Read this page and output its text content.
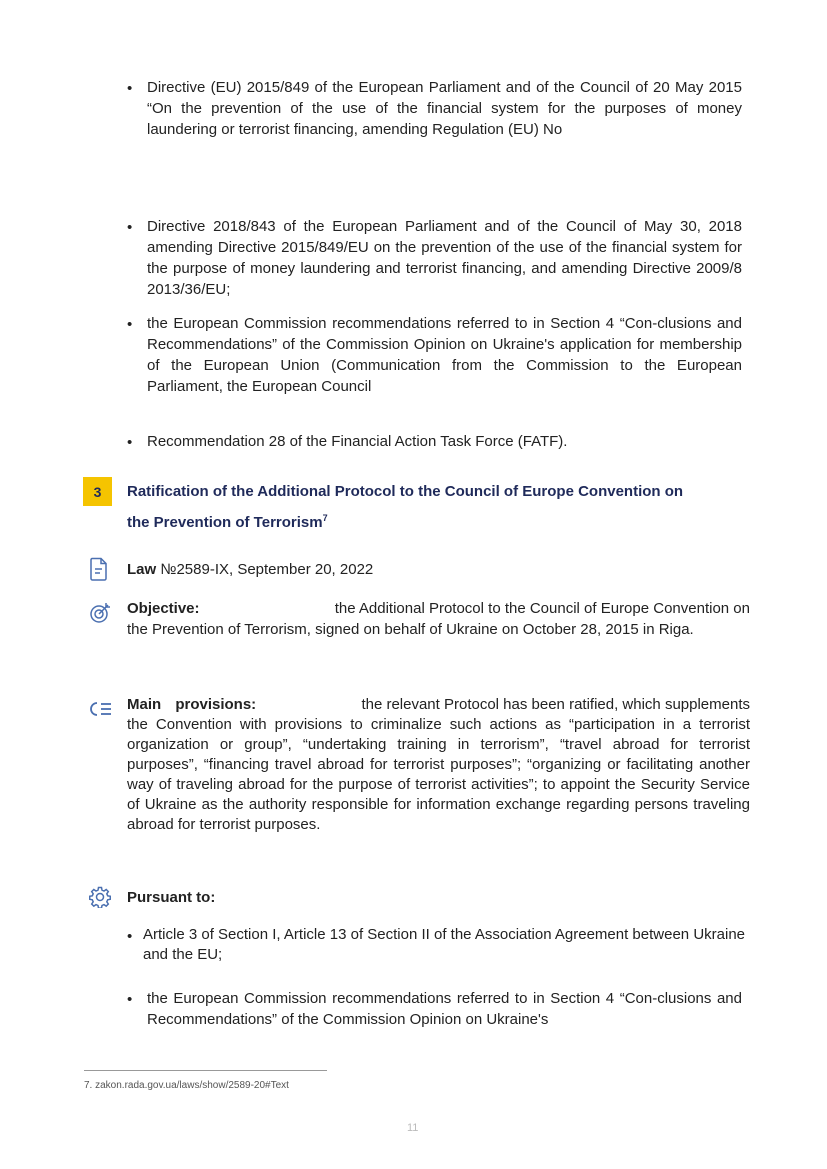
• Directive (EU) 2015/849 of the European Parliament and of the Council of 20 May 2015 “On the prevention of the use of the financial system for the purposes of money laundering or terrorist financing, amending Regulation (EU) No
• Directive 2018/843 of the European Parliament and of the Council of May 30, 2018 amending Directive 2015/849/EU on the prevention of the use of the financial system for the purpose of money laundering and terrorist financing, and amending Directive 2009/8 2013/36/EU;
• the European Commission recommendations referred to in Section 4 “Con-clusions and Recommendations” of the Commission Opinion on Ukraine's application for membership of the European Union (Communication from the Commission to the European Parliament, the European Council
• Recommendation 28 of the Financial Action Task Force (FATF).
3 Ratification of the Additional Protocol to the Council of Europe Convention on
the Prevention of Terrorism$^7$
Law №2589-IX, September 20, 2022
Objective:	the Additional Protocol to the Council of Europe Convention on
the Prevention of Terrorism, signed on behalf of Ukraine on October 28, 2015 in Riga.
Main provisions:	the relevant Protocol has been ratified, which supplements
the Convention with provisions to criminalize such actions as “participation in a terrorist organization or group”, “undertaking training in terrorism”, “travel abroad for terrorist purposes”, “financing travel abroad for terrorist purposes”; “organizing or facilitating another way of traveling abroad for the purpose of terrorist activities”; to appoint the Security Service of Ukraine as the authority responsible for information exchange regarding persons traveling abroad for terrorist purposes.
Pursuant to:
• Article 3 of Section I, Article 13 of Section II of the Association Agreement between Ukraine and the EU;
• the European Commission recommendations referred to in Section 4 “Con-clusions and Recommendations” of the Commission Opinion on Ukraine's
7. zakon.rada.gov.ua/laws/show/2589-20#Text
11
